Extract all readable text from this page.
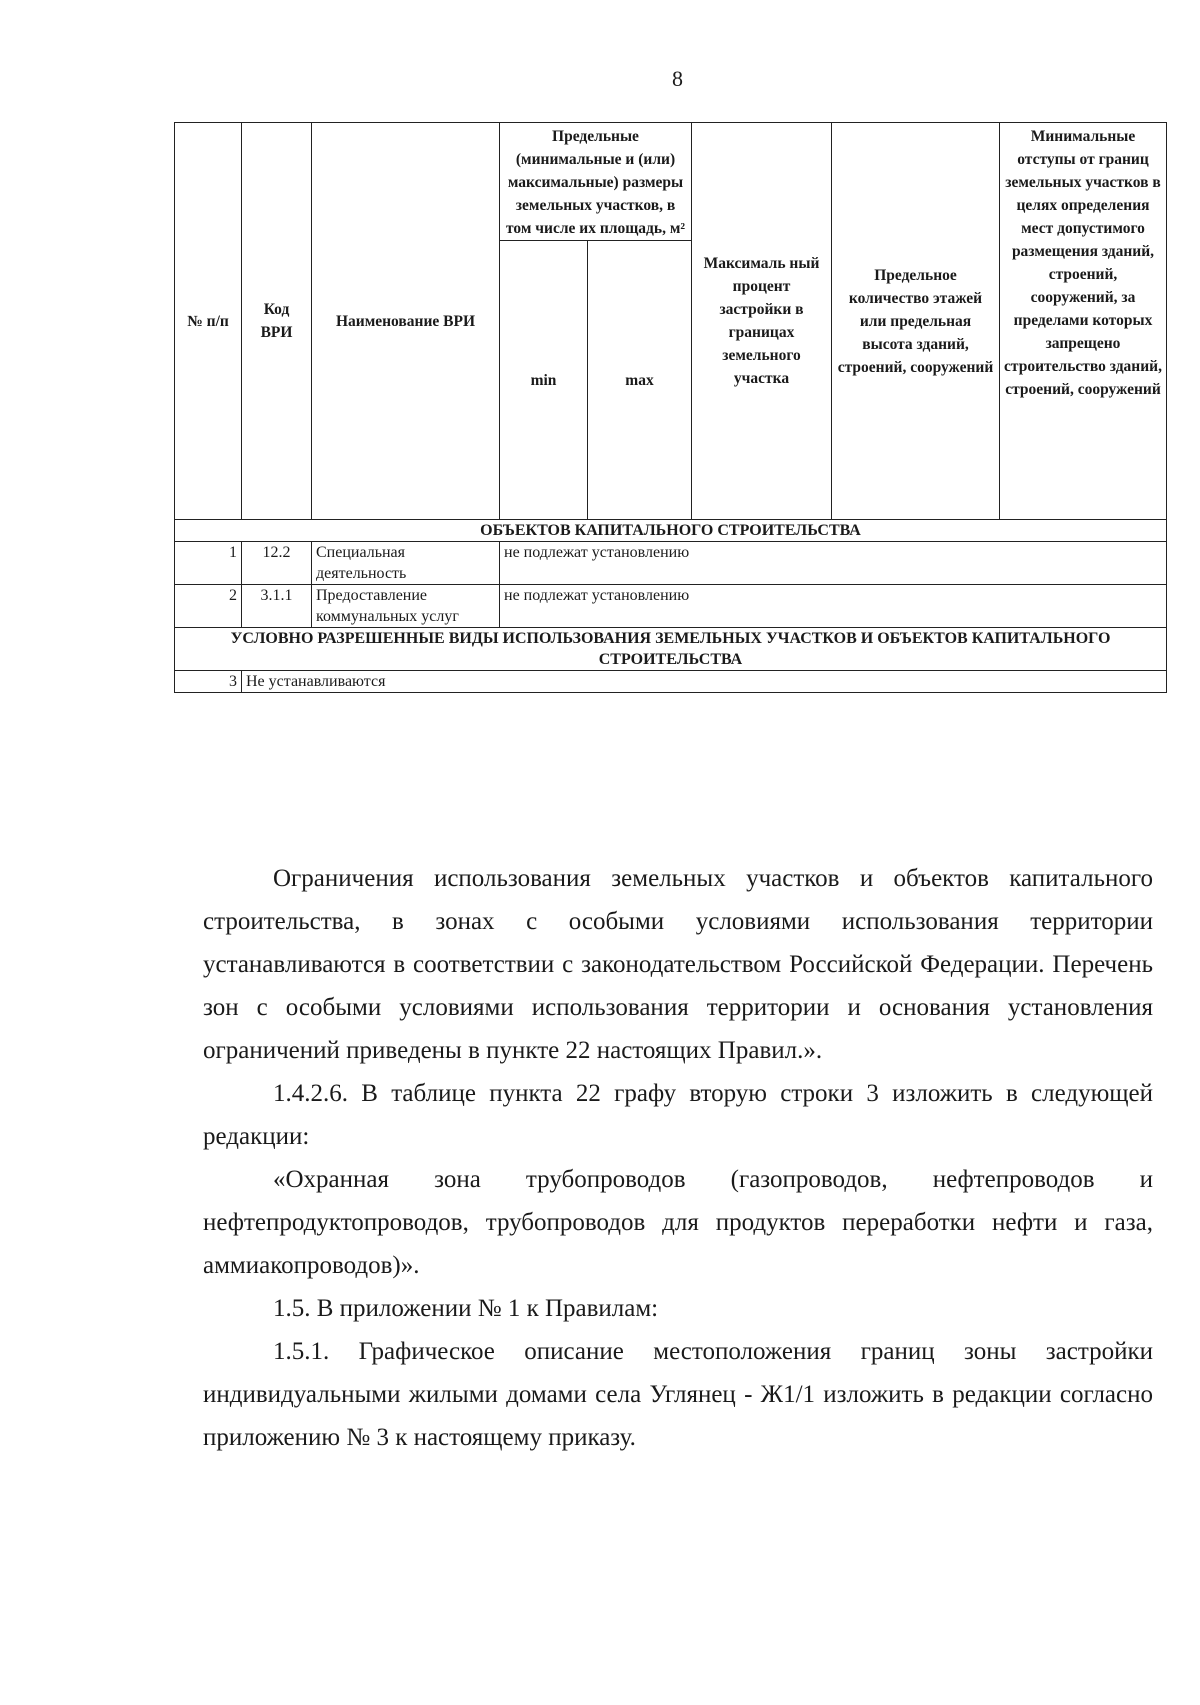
8
№ п/п	Код ВРИ	Наименование ВРИ	Предельные (минимальные и (или) максимальные) размеры земельных участков, в том числе их площадь, м²		Максималь ный процент застройки в границах земельного участка	Предельное количество этажей или предельная высота зданий, строений, сооружений	Минимальные отступы от границ земельных участков в целях определения мест допустимого размещения зданий, строений, сооружений, за пределами которых запрещено строительство зданий, строений, сооружений
			min	max			
ОБЪЕКТОВ КАПИТАЛЬНОГО СТРОИТЕЛЬСТВА							
1	12.2	Специальная деятельность	не подлежат установлению				
2	3.1.1	Предоставление коммунальных услуг	не подлежат установлению				
УСЛОВНО РАЗРЕШЕННЫЕ ВИДЫ ИСПОЛЬЗОВАНИЯ ЗЕМЕЛЬНЫХ УЧАСТКОВ И ОБЪЕКТОВ КАПИТАЛЬНОГО СТРОИТЕЛЬСТВА							
3	Не устанавливаются						

Ограничения использования земельных участков и объектов капитального строительства, в зонах с особыми условиями использования территории устанавливаются в соответствии с законодательством Российской Федерации. Перечень зон с особыми условиями использования территории и основания установления ограничений приведены в пункте 22 настоящих Правил.».

1.4.2.6. В таблице пункта 22 графу вторую строки 3 изложить в следующей редакции:

«Охранная зона трубопроводов (газопроводов, нефтепроводов и нефтепродуктопроводов, трубопроводов для продуктов переработки нефти и газа, аммиакопроводов)».

1.5. В приложении № 1 к Правилам:

1.5.1. Графическое описание местоположения границ зоны застройки индивидуальными жилыми домами села Углянец - Ж1/1 изложить в редакции согласно приложению № 3 к настоящему приказу.
